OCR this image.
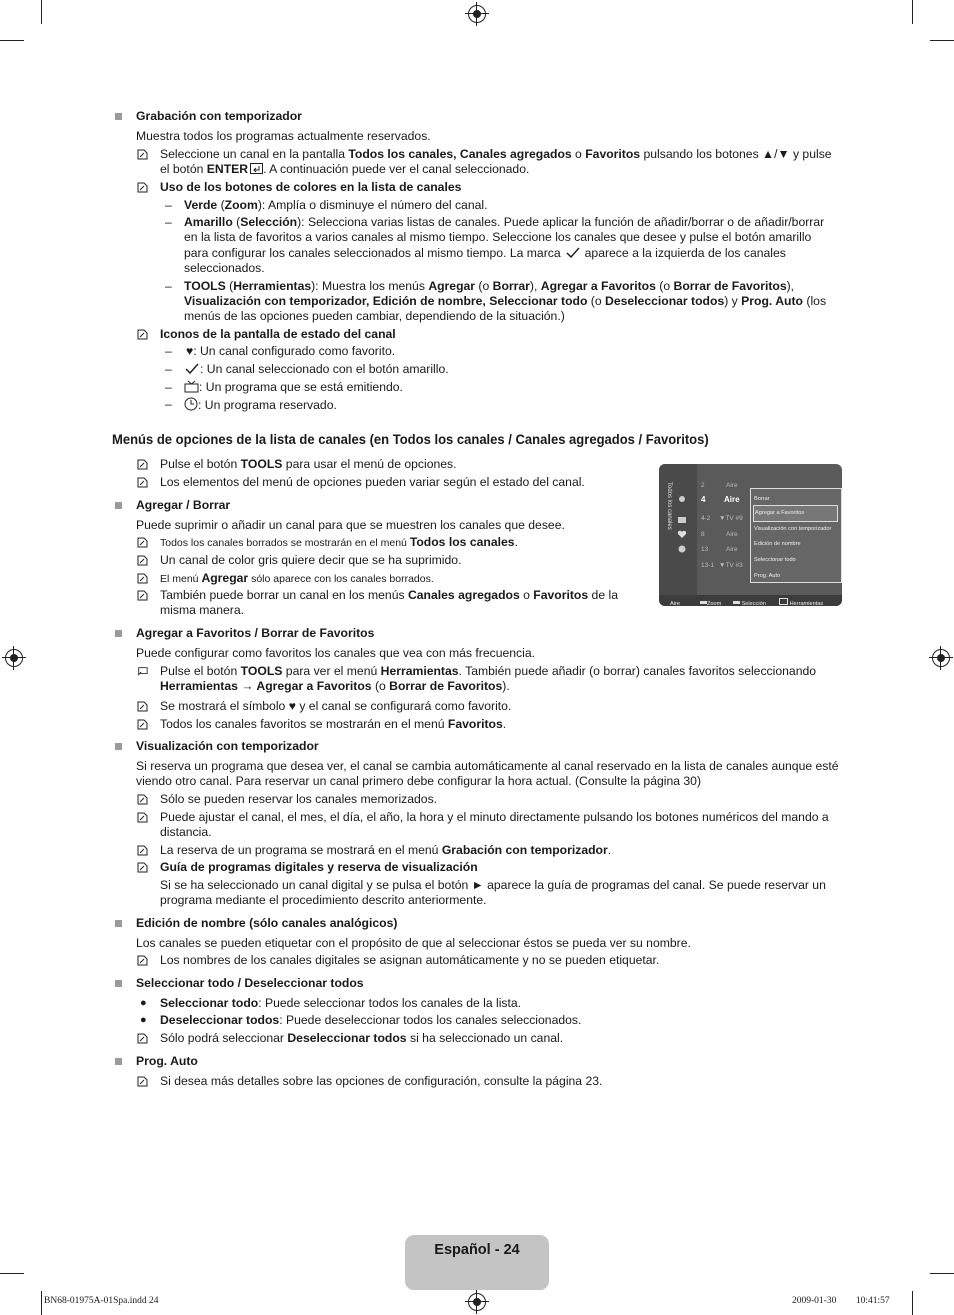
Grabación con temporizador
Muestra todos los programas actualmente reservados.
Seleccione un canal en la pantalla Todos los canales, Canales agregados o Favoritos pulsando los botones ▲/▼ y pulse
el botón ENTER . A continuación puede ver el canal seleccionado.
Uso de los botones de colores en la lista de canales
– Verde (Zoom): Amplía o disminuye el número del canal.
– Amarillo (Selección): Selecciona varias listas de canales. Puede aplicar la función de añadir/borrar o de añadir/borrar
en la lista de favoritos a varios canales al mismo tiempo. Seleccione los canales que desee y pulse el botón amarillo
para configurar los canales seleccionados al mismo tiempo. La marca aparece a la izquierda de los canales
seleccionados.
– TOOLS (Herramientas): Muestra los menús Agregar (o Borrar), Agregar a Favoritos (o Borrar de Favoritos),
Visualización con temporizador, Edición de nombre, Seleccionar todo (o Deseleccionar todos) y Prog. Auto (los
menús de las opciones pueden cambiar, dependiendo de la situación.)
Iconos de la pantalla de estado del canal
– ♥: Un canal configurado como favorito.
–	: Un canal seleccionado con el botón amarillo.
–	: Un programa que se está emitiendo.
–	: Un programa reservado.
Menús de opciones de la lista de canales (en Todos los canales / Canales agregados / Favoritos)
Pulse el botón TOOLS para usar el menú de opciones.
Los elementos del menú de opciones pueden variar según el estado del canal.
Agregar / Borrar
Puede suprimir o añadir un canal para que se muestren los canales que desee.
Todos los canales borrados se mostrarán en el menú Todos los canales.
Un canal de color gris quiere decir que se ha suprimido.
El menú Agregar sólo aparece con los canales borrados.
También puede borrar un canal en los menús Canales agregados o Favoritos de la
misma manera.
Todos los canales	2	Aire
4 Aire
4-2 ▼TV #9
8	Aire
13	Aire
13-1 ▼TV #3
Borrar
Agregar a Favoritos
Visualización con temporizador
Edición de nombre
Seleccionar todo
Prog. Auto
Aire	Zoom	Selección	Herramientas
Agregar a Favoritos / Borrar de Favoritos
Puede configurar como favoritos los canales que vea con más frecuencia.
Pulse el botón TOOLS para ver el menú Herramientas. También puede añadir (o borrar) canales favoritos seleccionando
Herramientas → Agregar a Favoritos (o Borrar de Favoritos).
Se mostrará el símbolo ♥ y el canal se configurará como favorito.
Todos los canales favoritos se mostrarán en el menú Favoritos.
Visualización con temporizador
Si reserva un programa que desea ver, el canal se cambia automáticamente al canal reservado en la lista de canales aunque esté
viendo otro canal. Para reservar un canal primero debe configurar la hora actual. (Consulte la página 30)
Sólo se pueden reservar los canales memorizados.
Puede ajustar el canal, el mes, el día, el año, la hora y el minuto directamente pulsando los botones numéricos del mando a
distancia.
La reserva de un programa se mostrará en el menú Grabación con temporizador.
Guía de programas digitales y reserva de visualización
Si se ha seleccionado un canal digital y se pulsa el botón ► aparece la guía de programas del canal. Se puede reservar un
programa mediante el procedimiento descrito anteriormente.
Edición de nombre (sólo canales analógicos)
Los canales se pueden etiquetar con el propósito de que al seleccionar éstos se pueda ver su nombre.
Los nombres de los canales digitales se asignan automáticamente y no se pueden etiquetar.
Seleccionar todo / Deseleccionar todos
● Seleccionar todo: Puede seleccionar todos los canales de la lista.
● Deseleccionar todos: Puede deseleccionar todos los canales seleccionados.
Sólo podrá seleccionar Deseleccionar todos si ha seleccionado un canal.
Prog. Auto
Si desea más detalles sobre las opciones de configuración, consulte la página 23.
Español - 24
BN68-01975A-01Spa.indd 24	2009-01-30 ￿￿ 10:41:57
